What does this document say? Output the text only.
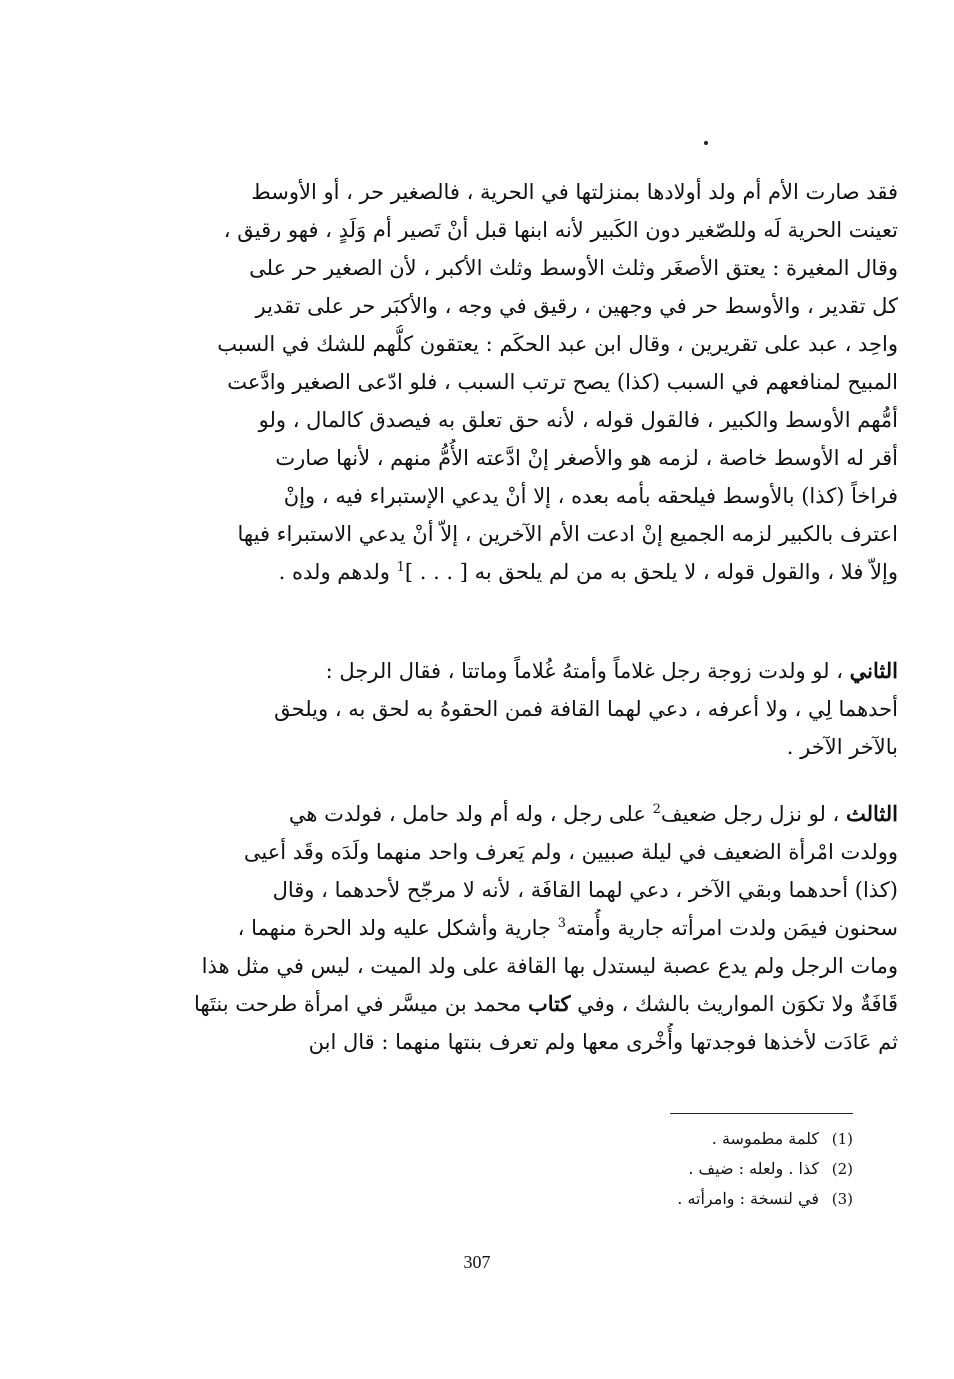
فقد صارت الأم أم ولد أولادها بمنزلتها في الحرية ، فالصغير حر ، أو الأوسط
تعينت الحرية لَه وللصّغير دون الكَبير لأنه ابنها قبل أنْ تَصير أم وَلَدٍ ، فهو رقيق ،
وقال المغيرة : يعتق الأصغَر وثلث الأوسط وثلث الأكبر ، لأن الصغير حر على
كل تقدير ، والأوسط حر في وجهين ، رقيق في وجه ، والأكبَر حر على تقدير
واحِد ، عبد على تقريرين ، وقال ابن عبد الحكَم : يعتقون كلُّهم للشك في السبب
المبيح لمنافعهم في السبب (كذا) يصح ترتب السبب ، فلو ادّعى الصغير وادَّعت
أمُّهم الأوسط والكبير ، فالقول قوله ، لأنه حق تعلق به فيصدق كالمال ، ولو
أقر له الأوسط خاصة ، لزمه هو والأصغر إنْ ادَّعته الأُمُّ منهم ، لأنها صارت
فراخاً (كذا) بالأوسط فيلحقه بأمه بعده ، إلا أنْ يدعي الإستبراء فيه ، وإنْ
اعترف بالكبير لزمه الجميع إنْ ادعت الأم الآخرين ، إلاّ أنْ يدعي الاستبراء فيها
وإلاّ فلا ، والقول قوله ، لا يلحق به من لم يلحق به [ . . . ]$^1$ ولدهم ولده .

الثاني ، لو ولدت زوجة رجل غلاماً وأمتهُ غُلاماً وماتتا ، فقال الرجل :
أحدهما لِي ، ولا أعرفه ، دعي لهما القافة فمن الحقوهُ به لحق به ، ويلحق
بالآخر الآخر .

الثالث ، لو نزل رجل ضعيف$^2$ على رجل ، وله أم ولد حامل ، فولدت هي
وولدت امْرأة الضعيف في ليلة صبيين ، ولم يَعرف واحد منهما ولَدَه وقَد أعيى
(كذا) أحدهما وبقي الآخر ، دعي لهما القافَة ، لأنه لا مرجّح لأحدهما ، وقال
سحنون فيمَن ولدت امرأته جارية وأُمته$^3$ جارية وأشكل عليه ولد الحرة منهما ،
ومات الرجل ولم يدع عصبة ليستدل بها القافة على ولد الميت ، ليس في مثل هذا
قَافَةٌ ولا تكوَن المواريث بالشك ، وفي كتاب محمد بن ميسَّر في امرأة طرحت بنتَها
ثم عَادَت لأخذها فوجدتها وأُخْرى معها ولم تعرف بنتها منهما : قال ابن

(1)كلمة مطموسة .
(2)كذا . ولعله : ضيف .
(3)في لنسخة : وامرأته .
307
